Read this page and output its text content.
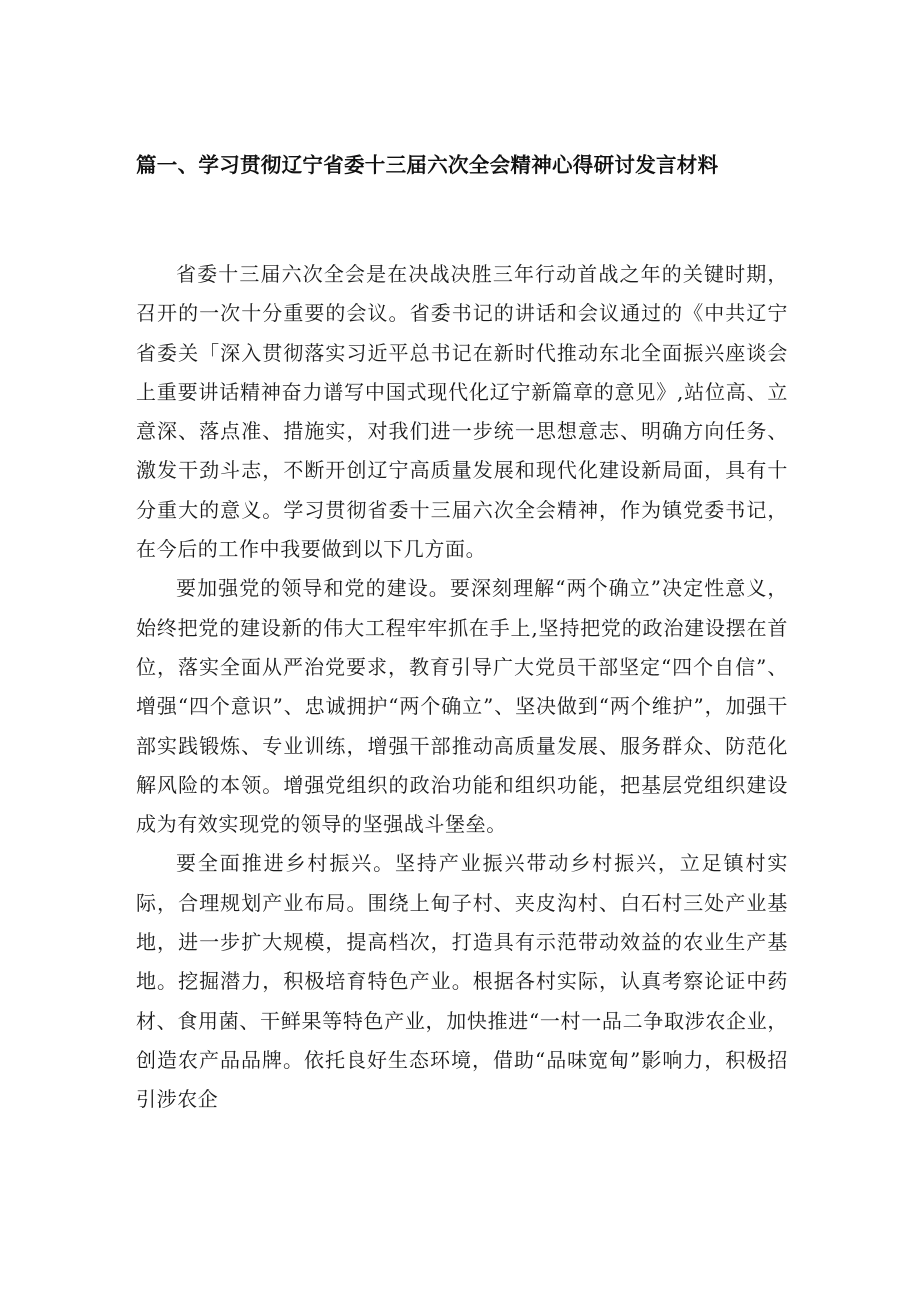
篇一、学习贯彻辽宁省委十三届六次全会精神心得研讨发言材料

省委十三届六次全会是在决战决胜三年行动首战之年的关键时期，召开的一次十分重要的会议。省委书记的讲话和会议通过的《中共辽宁省委关「深入贯彻落实习近平总书记在新时代推动东北全面振兴座谈会上重要讲话精神奋力谱写中国式现代化辽宁新篇章的意见》,站位高、立意深、落点准、措施实，对我们进一步统一思想意志、明确方向任务、激发干劲斗志，不断开创辽宁高质量发展和现代化建设新局面，具有十分重大的意义。学习贯彻省委十三届六次全会精神，作为镇党委书记，在今后的工作中我要做到以下几方面。

要加强党的领导和党的建设。要深刻理解“两个确立”决定性意义，始终把党的建设新的伟大工程牢牢抓在手上,坚持把党的政治建设摆在首位，落实全面从严治党要求，教育引导广大党员干部坚定“四个自信”、增强“四个意识”、忠诚拥护“两个确立”、坚决做到“两个维护”，加强干部实践锻炼、专业训练，增强干部推动高质量发展、服务群众、防范化解风险的本领。增强党组织的政治功能和组织功能，把基层党组织建设成为有效实现党的领导的坚强战斗堡垒。

要全面推进乡村振兴。坚持产业振兴带动乡村振兴，立足镇村实际，合理规划产业布局。围绕上甸子村、夹皮沟村、白石村三处产业基地，进一步扩大规模，提高档次，打造具有示范带动效益的农业生产基地。挖掘潜力，积极培育特色产业。根据各村实际，认真考察论证中药材、食用菌、干鲜果等特色产业，加快推进“一村一品二争取涉农企业，创造农产品品牌。依托良好生态环境，借助“品味宽甸”影响力，积极招引涉农企
